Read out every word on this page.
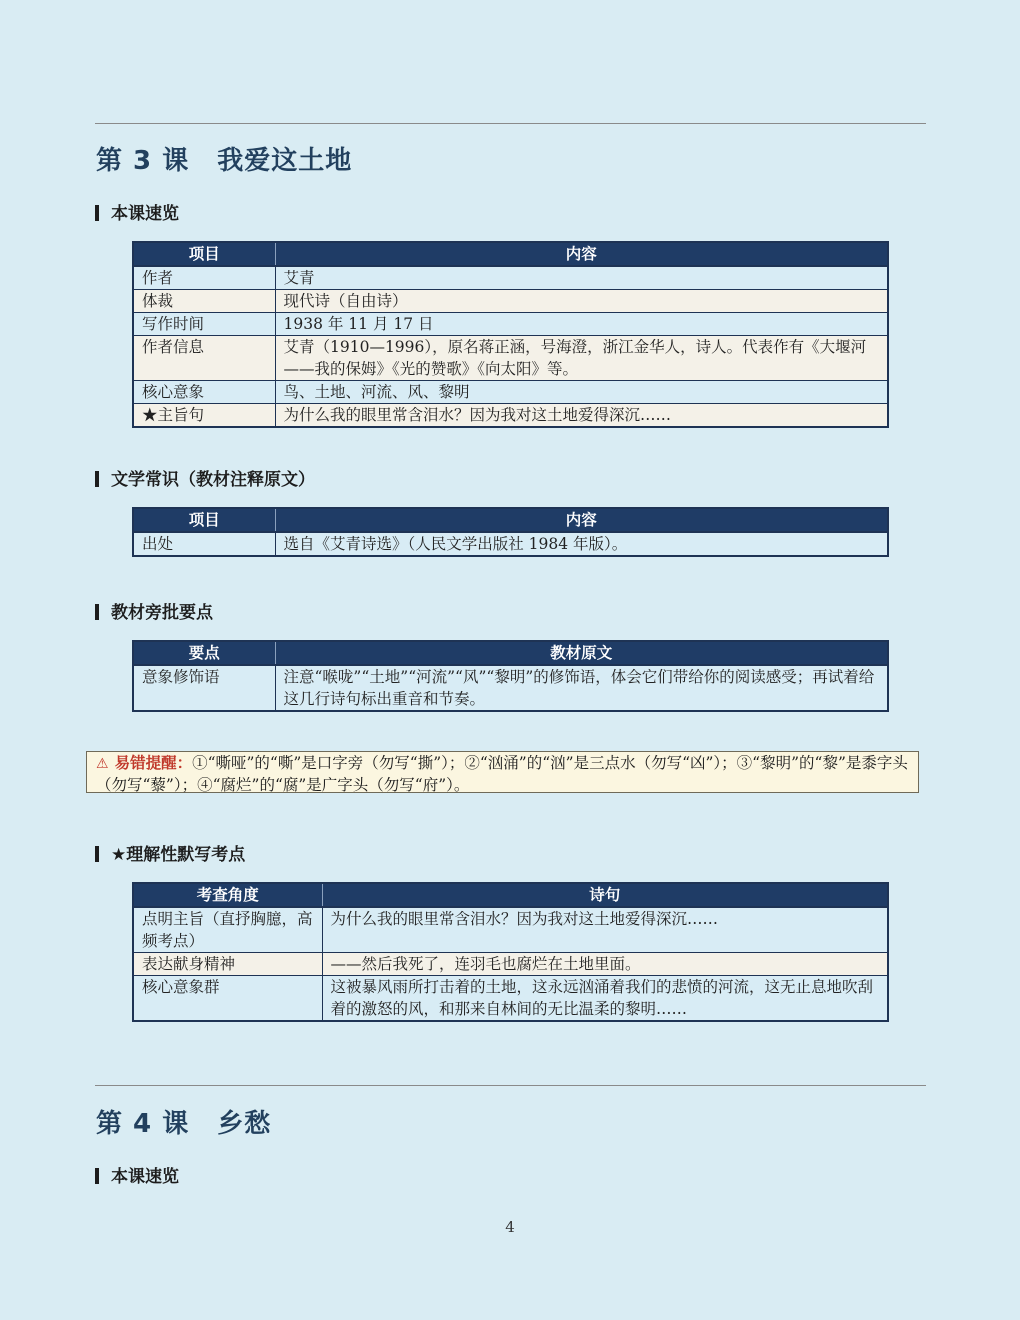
第 3 课 我爱这土地
本课速览
项目	内容
作者	艾青
体裁	现代诗（自由诗）
写作时间	1938 年 11 月 17 日
作者信息	艾青（1910—1996），原名蒋正涵，号海澄，浙江金华人，诗人。代表作有《大堰河——我的保姆》《光的赞歌》《向太阳》等。
核心意象	鸟、土地、河流、风、黎明
★主旨句	为什么我的眼里常含泪水？因为我对这土地爱得深沉……
文学常识（教材注释原文）
项目	内容
出处	选自《艾青诗选》（人民文学出版社 1984 年版）。
教材旁批要点
要点	教材原文
意象修饰语	注意“喉咙”“土地”“河流”“风”“黎明”的修饰语，体会它们带给你的阅读感受；再试着给这几行诗句标出重音和节奏。
⚠ 易错提醒：①“嘶哑”的“嘶”是口字旁（勿写“撕”）；②“汹涌”的“汹”是三点水（勿写“凶”）；③“黎明”的“黎”是黍字头（勿写“藜”）；④“腐烂”的“腐”是广字头（勿写“府”）。
★理解性默写考点
考查角度	诗句
点明主旨（直抒胸臆，高频考点）	为什么我的眼里常含泪水？因为我对这土地爱得深沉……
表达献身精神	——然后我死了，连羽毛也腐烂在土地里面。
核心意象群	这被暴风雨所打击着的土地，这永远汹涌着我们的悲愤的河流，这无止息地吹刮着的激怒的风，和那来自林间的无比温柔的黎明……
第 4 课 乡愁
本课速览
4
